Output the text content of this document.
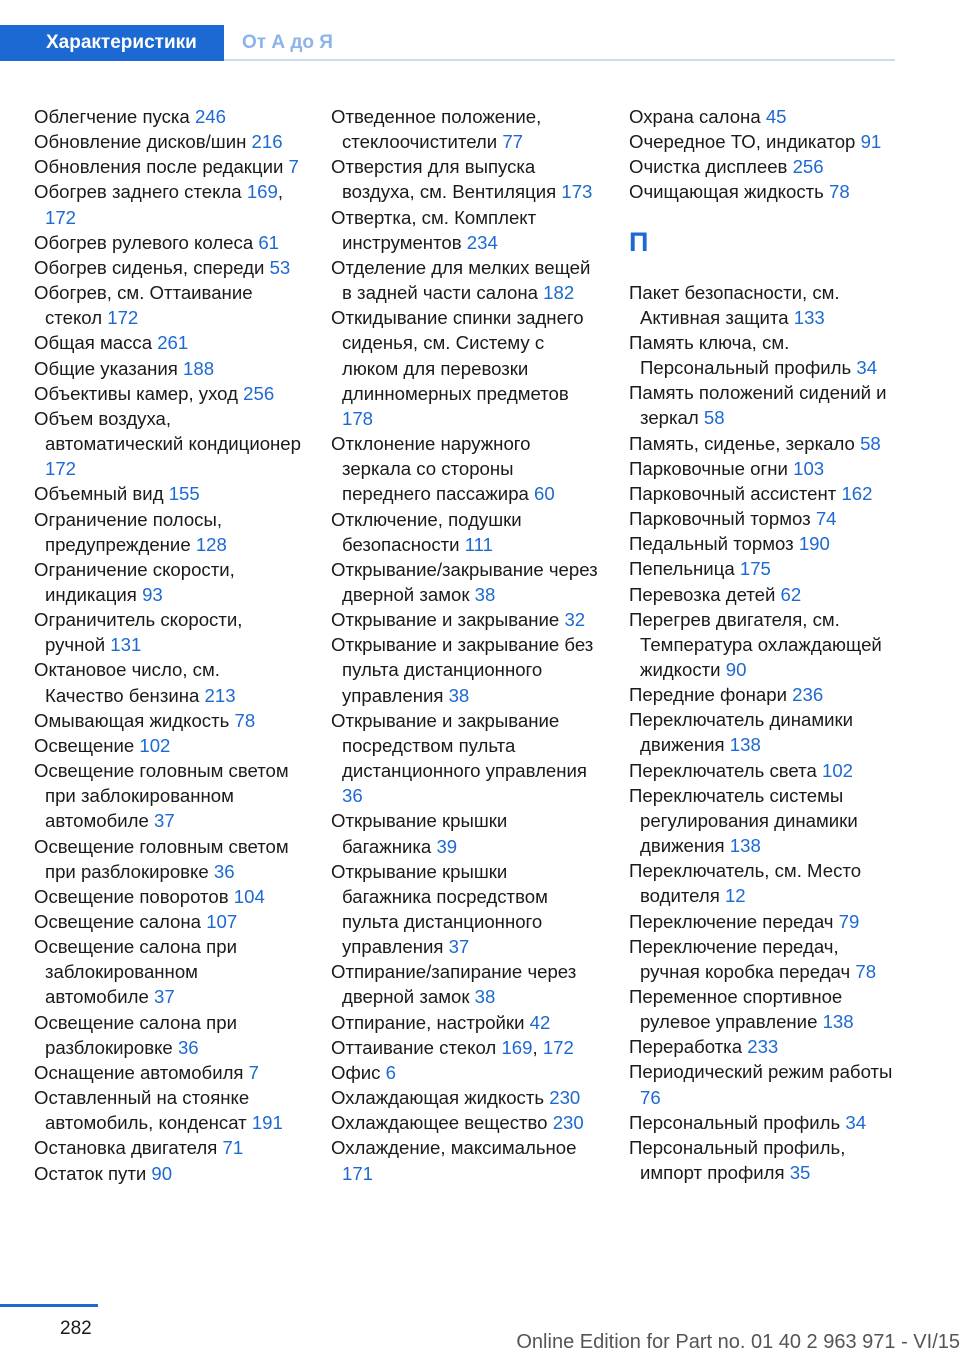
Характеристики	От А до Я
Облегчение пуска 246
Обновление дисков/шин 216
Обновления после редакции 7
Обогрев заднего стекла 169, 172
Обогрев рулевого колеса 61
Обогрев сиденья, спереди 53
Обогрев, см. Оттаивание стекол 172
Общая масса 261
Общие указания 188
Объективы камер, уход 256
Объем воздуха, автоматический кондиционер 172
Объемный вид 155
Ограничение полосы, предупреждение 128
Ограничение скорости, индикация 93
Ограничитель скорости, ручной 131
Октановое число, см. Качество бензина 213
Омывающая жидкость 78
Освещение 102
Освещение головным светом при заблокированном автомобиле 37
Освещение головным светом при разблокировке 36
Освещение поворотов 104
Освещение салона 107
Освещение салона при заблокированном автомобиле 37
Освещение салона при разблокировке 36
Оснащение автомобиля 7
Оставленный на стоянке автомобиль, конденсат 191
Остановка двигателя 71
Остаток пути 90
Отведенное положение, стеклоочистители 77
Отверстия для выпуска воздуха, см. Вентиляция 173
Отвертка, см. Комплект инструментов 234
Отделение для мелких вещей в задней части салона 182
Откидывание спинки заднего сиденья, см. Систему с люком для перевозки длинномерных предметов 178
Отклонение наружного зеркала со стороны переднего пассажира 60
Отключение, подушки безопасности 111
Открывание/закрывание через дверной замок 38
Открывание и закрывание 32
Открывание и закрывание без пульта дистанционного управления 38
Открывание и закрывание посредством пульта дистанционного управления 36
Открывание крышки багажника 39
Открывание крышки багажника посредством пульта дистанционного управления 37
Отпирание/запирание через дверной замок 38
Отпирание, настройки 42
Оттаивание стекол 169, 172
Офис 6
Охлаждающая жидкость 230
Охлаждающее вещество 230
Охлаждение, максимальное 171
Охрана салона 45
Очередное ТО, индикатор 91
Очистка дисплеев 256
Очищающая жидкость 78
П
Пакет безопасности, см. Активная защита 133
Память ключа, см. Персональный профиль 34
Память положений сидений и зеркал 58
Память, сиденье, зеркало 58
Парковочные огни 103
Парковочный ассистент 162
Парковочный тормоз 74
Педальный тормоз 190
Пепельница 175
Перевозка детей 62
Перегрев двигателя, см. Температура охлаждающей жидкости 90
Передние фонари 236
Переключатель динамики движения 138
Переключатель света 102
Переключатель системы регулирования динамики движения 138
Переключатель, см. Место водителя 12
Переключение передач 79
Переключение передач, ручная коробка передач 78
Переменное спортивное рулевое управление 138
Переработка 233
Периодический режим работы 76
Персональный профиль 34
Персональный профиль, импорт профиля 35
282
Online Edition for Part no. 01 40 2 963 971 - VI/15
